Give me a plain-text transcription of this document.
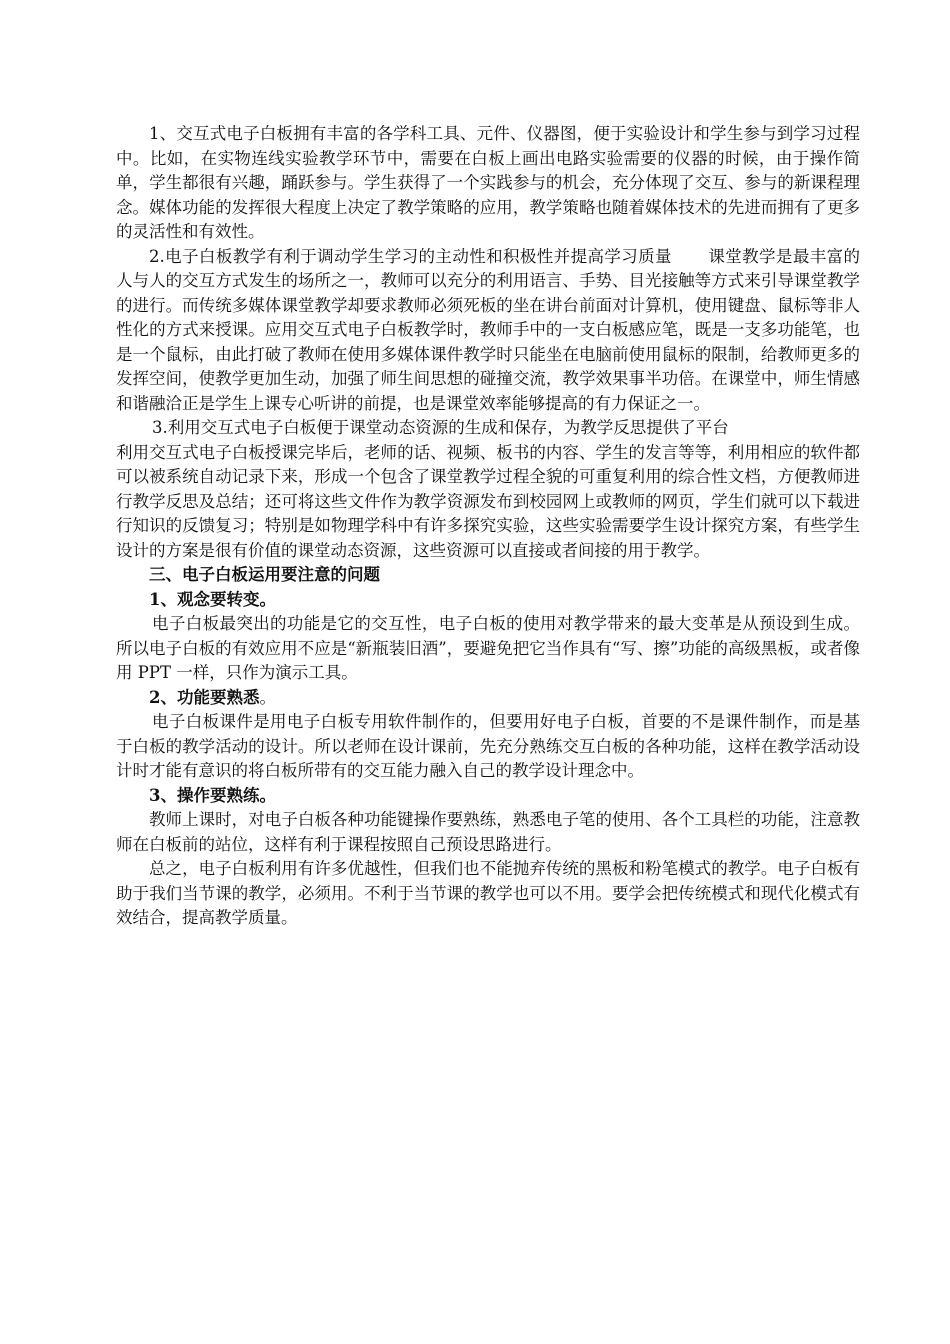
1、交互式电子白板拥有丰富的各学科工具、元件、仪器图，便于实验设计和学生参与到学习过程中。比如，在实物连线实验教学环节中，需要在白板上画出电路实验需要的仪器的时候，由于操作简单，学生都很有兴趣，踊跃参与。学生获得了一个实践参与的机会，充分体现了交互、参与的新课程理念。媒体功能的发挥很大程度上决定了教学策略的应用，教学策略也随着媒体技术的先进而拥有了更多的灵活性和有效性。

2.电子白板教学有利于调动学生学习的主动性和积极性并提高学习质量 课堂教学是最丰富的人与人的交互方式发生的场所之一，教师可以充分的利用语言、手势、目光接触等方式来引导课堂教学的进行。而传统多媒体课堂教学却要求教师必须死板的坐在讲台前面对计算机，使用键盘、鼠标等非人性化的方式来授课。应用交互式电子白板教学时，教师手中的一支白板感应笔，既是一支多功能笔，也是一个鼠标，由此打破了教师在使用多媒体课件教学时只能坐在电脑前使用鼠标的限制，给教师更多的发挥空间，使教学更加生动，加强了师生间思想的碰撞交流，教学效果事半功倍。在课堂中，师生情感和谐融洽正是学生上课专心听讲的前提，也是课堂效率能够提高的有力保证之一。

3.利用交互式电子白板便于课堂动态资源的生成和保存，为教学反思提供了平台

利用交互式电子白板授课完毕后，老师的话、视频、板书的内容、学生的发言等等，利用相应的软件都可以被系统自动记录下来，形成一个包含了课堂教学过程全貌的可重复利用的综合性文档，方便教师进行教学反思及总结；还可将这些文件作为教学资源发布到校园网上或教师的网页，学生们就可以下载进行知识的反馈复习；特别是如物理学科中有许多探究实验，这些实验需要学生设计探究方案，有些学生设计的方案是很有价值的课堂动态资源，这些资源可以直接或者间接的用于教学。

三、电子白板运用要注意的问题

1、观念要转变。

电子白板最突出的功能是它的交互性，电子白板的使用对教学带来的最大变革是从预设到生成。所以电子白板的有效应用不应是“新瓶装旧酒”，要避免把它当作具有“写、擦”功能的高级黑板，或者像用 PPT 一样，只作为演示工具。

2、功能要熟悉。

电子白板课件是用电子白板专用软件制作的，但要用好电子白板，首要的不是课件制作，而是基于白板的教学活动的设计。所以老师在设计课前，先充分熟练交互白板的各种功能，这样在教学活动设计时才能有意识的将白板所带有的交互能力融入自己的教学设计理念中。

3、操作要熟练。

教师上课时，对电子白板各种功能键操作要熟练，熟悉电子笔的使用、各个工具栏的功能，注意教师在白板前的站位，这样有利于课程按照自己预设思路进行。

总之，电子白板利用有许多优越性，但我们也不能抛弃传统的黑板和粉笔模式的教学。电子白板有助于我们当节课的教学，必须用。不利于当节课的教学也可以不用。要学会把传统模式和现代化模式有效结合，提高教学质量。
